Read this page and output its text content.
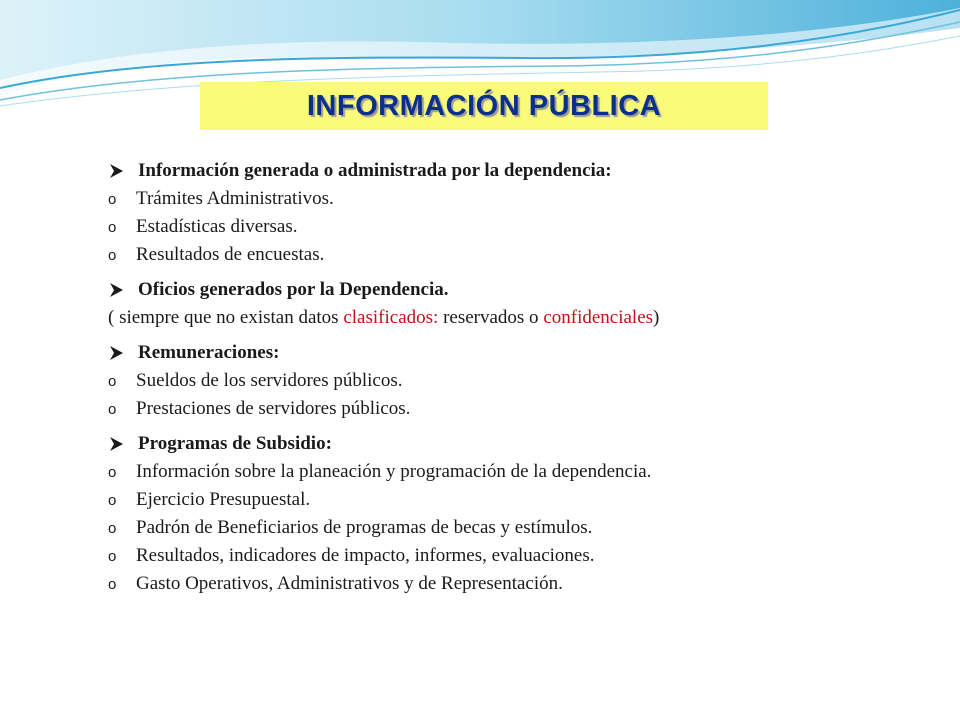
INFORMACIÓN PÚBLICA
Información generada o administrada por la dependencia:
o Trámites Administrativos.
o Estadísticas diversas.
o Resultados de encuestas.
Oficios generados por la Dependencia.
( siempre que no existan datos clasificados: reservados o confidenciales)
Remuneraciones:
o Sueldos de los servidores públicos.
o Prestaciones de servidores públicos.
Programas de Subsidio:
o Información sobre la planeación y programación de la dependencia.
o Ejercicio Presupuestal.
o Padrón de Beneficiarios de programas de becas y estímulos.
o Resultados, indicadores de impacto, informes, evaluaciones.
o Gasto Operativos, Administrativos y de Representación.
